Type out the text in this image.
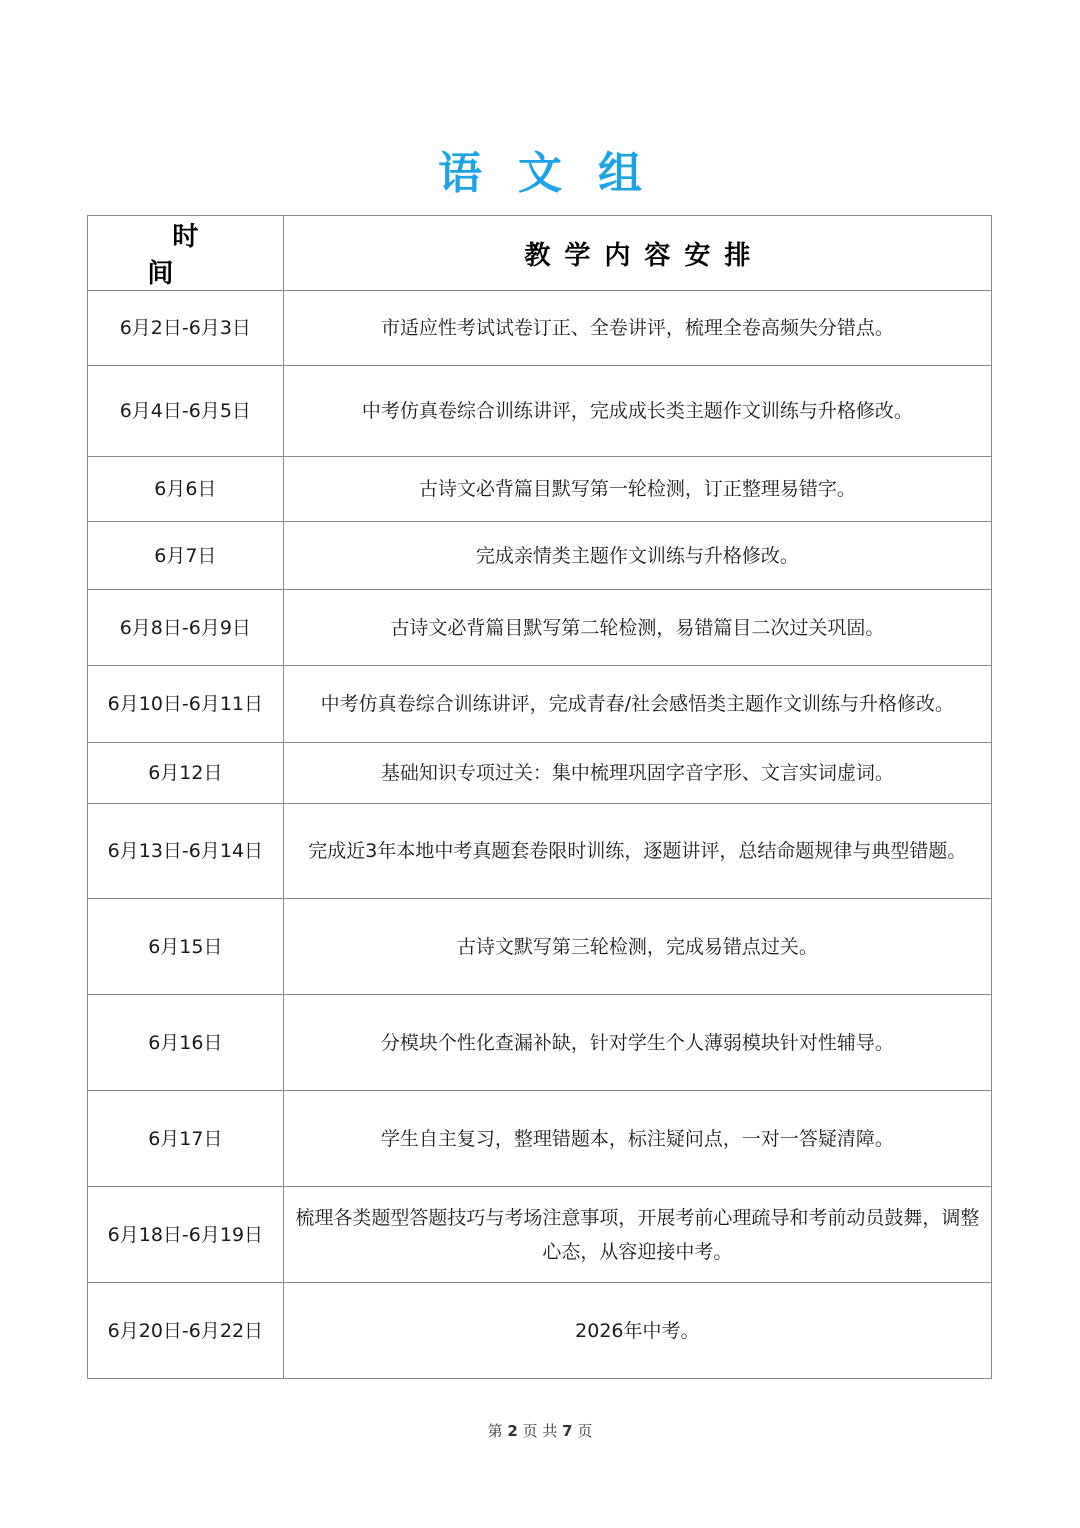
语文组
时间	教学内容安排
6月2日-6月3日	市适应性考试试卷订正、全卷讲评，梳理全卷高频失分错点。
6月4日-6月5日	中考仿真卷综合训练讲评，完成成长类主题作文训练与升格修改。
6月6日	古诗文必背篇目默写第一轮检测，订正整理易错字。
6月7日	完成亲情类主题作文训练与升格修改。
6月8日-6月9日	古诗文必背篇目默写第二轮检测，易错篇目二次过关巩固。
6月10日-6月11日	中考仿真卷综合训练讲评，完成青春/社会感悟类主题作文训练与升格修改。
6月12日	基础知识专项过关：集中梳理巩固字音字形、文言实词虚词。
6月13日-6月14日	完成近3年本地中考真题套卷限时训练，逐题讲评，总结命题规律与典型错题。
6月15日	古诗文默写第三轮检测，完成易错点过关。
6月16日	分模块个性化查漏补缺，针对学生个人薄弱模块针对性辅导。
6月17日	学生自主复习，整理错题本，标注疑问点，一对一答疑清障。
6月18日-6月19日	梳理各类题型答题技巧与考场注意事项，开展考前心理疏导和考前动员鼓舞，调整心态，从容迎接中考。
6月20日-6月22日	2026年中考。
第 2 页 共 7 页
